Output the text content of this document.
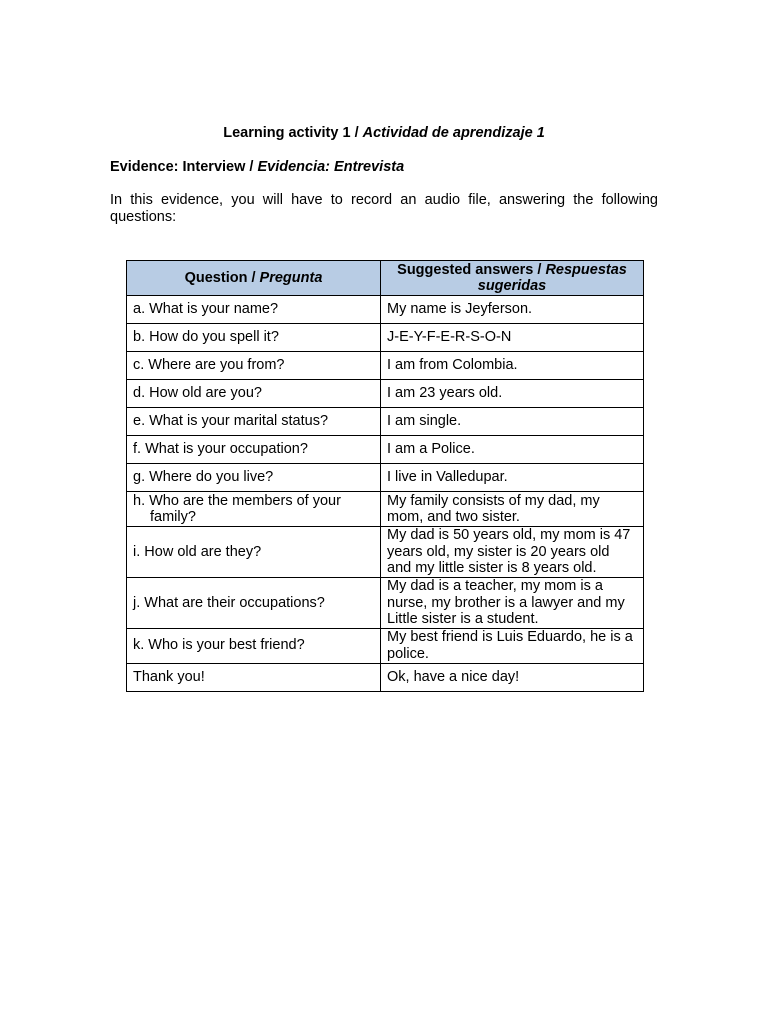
Learning activity 1 / Actividad de aprendizaje 1
Evidence: Interview / Evidencia: Entrevista
In this evidence, you will have to record an audio file, answering the following questions:
Question / Pregunta	Suggested answers / Respuestas sugeridas
a. What is your name?	My name is Jeyferson.
b. How do you spell it?	J-E-Y-F-E-R-S-O-N
c. Where are you from?	I am from Colombia.
d. How old are you?	I am 23 years old.
e. What is your marital status?	I am single.
f. What is your occupation?	I am a Police.
g. Where do you live?	I live in Valledupar.

h. Who are the members of your family?	My family consists of my dad, my mom, and two sister.
i. How old are they?	My dad is 50 years old, my mom is 47 years old, my sister is 20 years old and my little sister is 8 years old.
j. What are their occupations?	My dad is a teacher, my mom is a nurse, my brother is a lawyer and my Little sister is a student.
k. Who is your best friend?	My best friend is Luis Eduardo, he is a police.
Thank you!	Ok, have a nice day!
